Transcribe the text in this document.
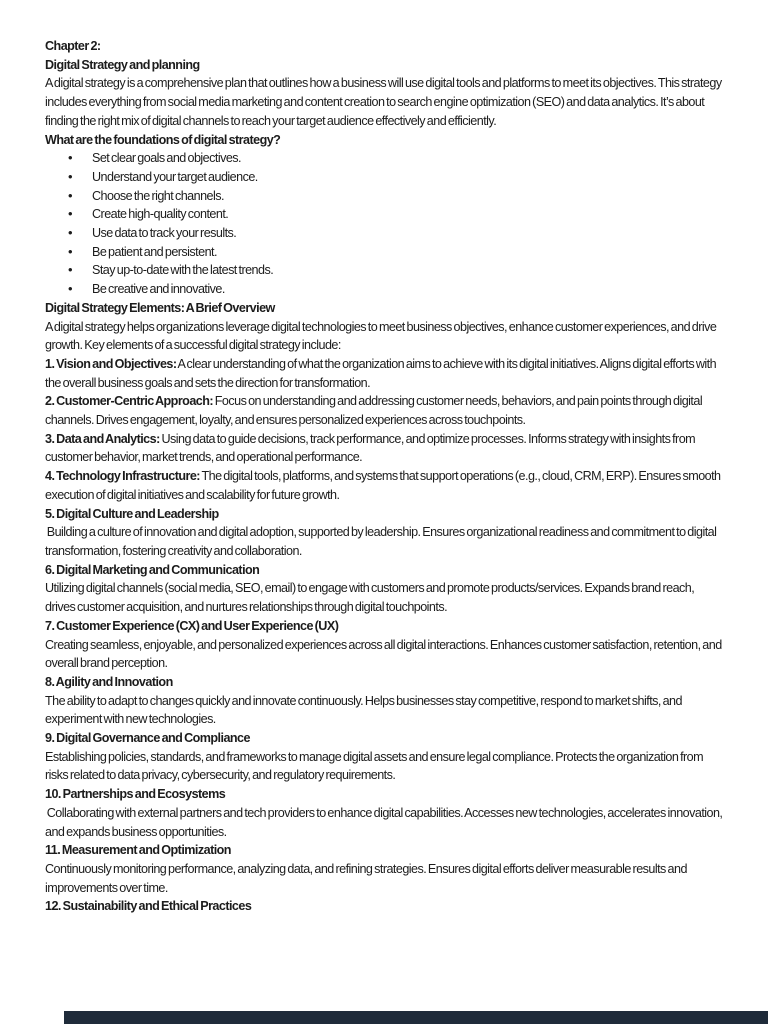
Chapter 2:
Digital Strategy and planning
A digital strategy is a comprehensive plan that outlines how a business will use digital tools and platforms to meet its objectives. This strategy includes everything from social media marketing and content creation to search engine optimization (SEO) and data analytics. It’s about finding the right mix of digital channels to reach your target audience effectively and efficiently.
What are the foundations of digital strategy?
• Set clear goals and objectives.
• Understand your target audience.
• Choose the right channels.
• Create high-quality content.
• Use data to track your results.
• Be patient and persistent.
• Stay up-to-date with the latest trends.
• Be creative and innovative.
Digital Strategy Elements: A Brief Overview
A digital strategy helps organizations leverage digital technologies to meet business objectives, enhance customer experiences, and drive growth. Key elements of a successful digital strategy include:
1. Vision and Objectives: A clear understanding of what the organization aims to achieve with its digital initiatives. Aligns digital efforts with the overall business goals and sets the direction for transformation.
2. Customer-Centric Approach: Focus on understanding and addressing customer needs, behaviors, and pain points through digital channels. Drives engagement, loyalty, and ensures personalized experiences across touchpoints.
3. Data and Analytics: Using data to guide decisions, track performance, and optimize processes. Informs strategy with insights from customer behavior, market trends, and operational performance.
4. Technology Infrastructure: The digital tools, platforms, and systems that support operations (e.g., cloud, CRM, ERP). Ensures smooth execution of digital initiatives and scalability for future growth.
5. Digital Culture and Leadership
Building a culture of innovation and digital adoption, supported by leadership. Ensures organizational readiness and commitment to digital transformation, fostering creativity and collaboration.
6. Digital Marketing and Communication
Utilizing digital channels (social media, SEO, email) to engage with customers and promote products/services. Expands brand reach, drives customer acquisition, and nurtures relationships through digital touchpoints.
7. Customer Experience (CX) and User Experience (UX)
Creating seamless, enjoyable, and personalized experiences across all digital interactions. Enhances customer satisfaction, retention, and overall brand perception.
8. Agility and Innovation
The ability to adapt to changes quickly and innovate continuously. Helps businesses stay competitive, respond to market shifts, and experiment with new technologies.
9. Digital Governance and Compliance
Establishing policies, standards, and frameworks to manage digital assets and ensure legal compliance. Protects the organization from risks related to data privacy, cybersecurity, and regulatory requirements.
10. Partnerships and Ecosystems
Collaborating with external partners and tech providers to enhance digital capabilities. Accesses new technologies, accelerates innovation, and expands business opportunities.
11. Measurement and Optimization
Continuously monitoring performance, analyzing data, and refining strategies. Ensures digital efforts deliver measurable results and improvements over time.
12. Sustainability and Ethical Practices
